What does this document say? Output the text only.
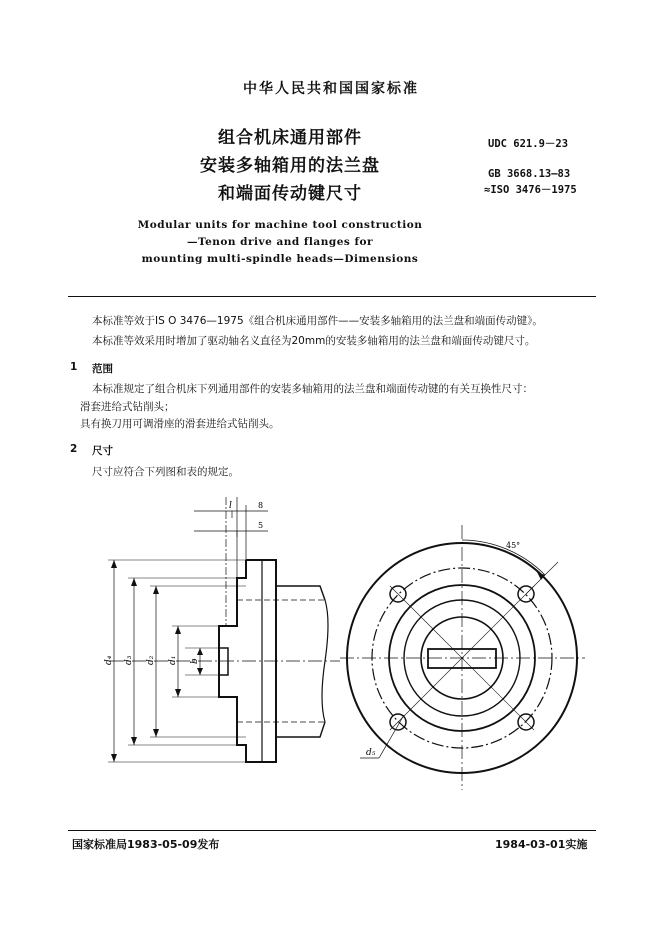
中华人民共和国国家标准
组合机床通用部件
安装多轴箱用的法兰盘
和端面传动键尺寸
UDC 621.9－23
GB 3668.13—83
≈ISO 3476－1975
Modular units for machine tool construction
—Tenon drive and flanges for
mounting multi-spindle heads—Dimensions
本标准等效于IS O 3476—1975《组合机床通用部件——安装多轴箱用的法兰盘和端面传动键》。
本标准等效采用时增加了驱动轴名义直径为20mm的安装多轴箱用的法兰盘和端面传动键尺寸。
1 范围
本标准规定了组合机床下列通用部件的安装多轴箱用的法兰盘和端面传动键的有关互换性尺寸：
滑套进给式钻削头；
具有换刀用可调滑座的滑套进给式钻削头。
2 尺寸
尺寸应符合下列图和表的规定。
l	8
5
d₄ d₃ d₂ d₁ b
45°
d₅
国家标准局1983-05-09发布	1984-03-01实施
